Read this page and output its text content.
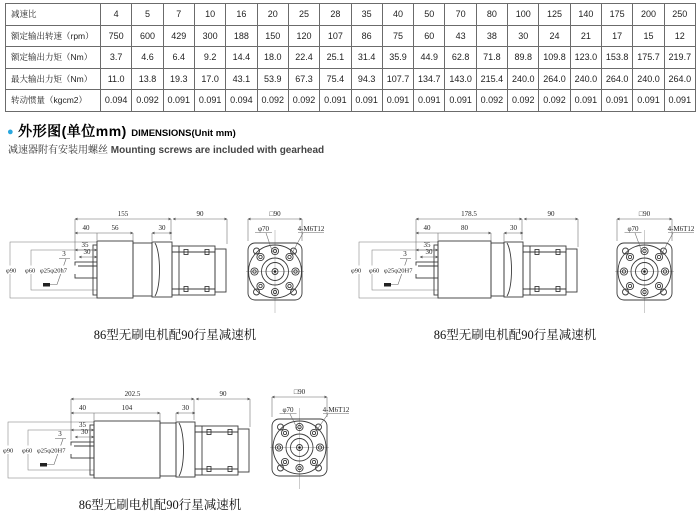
减速比	4	5	7	10	16	20	25	28	35	40	50	70	80	100	125	140	175	200	250
额定输出转速（rpm）	750	600	429	300	188	150	120	107	86	75	60	43	38	30	24	21	17	15	12
额定输出力矩（Nm）	3.7	4.6	6.4	9.2	14.4	18.0	22.4	25.1	31.4	35.9	44.9	62.8	71.8	89.8	109.8	123.0	153.8	175.7	219.7
最大输出力矩（Nm）	11.0	13.8	19.3	17.0	43.1	53.9	67.3	75.4	94.3	107.7	134.7	143.0	215.4	240.0	264.0	240.0	264.0	240.0	264.0
转动惯量（kgcm2）	0.094	0.092	0.091	0.091	0.094	0.092	0.092	0.091	0.091	0.091	0.091	0.091	0.092	0.092	0.092	0.091	0.091	0.091	0.091
● 外形图(单位mm) DIMENSIONS(Unit mm)
减速器附有安装用螺丝 Mounting screws are included with gearhead
155	90
40	56	30
35
30
3
φ90 φ60 φ25φ20h7
□90
φ70	4-M6T12
178.5	90
40	80	30
35
30
3
φ90 φ60 φ25φ20H7
□90
φ70	4-M6T12
202.5	90
40	104	30
35
30
3
φ90 φ60 φ25φ20H7
□90
φ70	4-M6T12
86型无刷电机配90行星减速机	86型无刷电机配90行星减速机
86型无刷电机配90行星减速机
